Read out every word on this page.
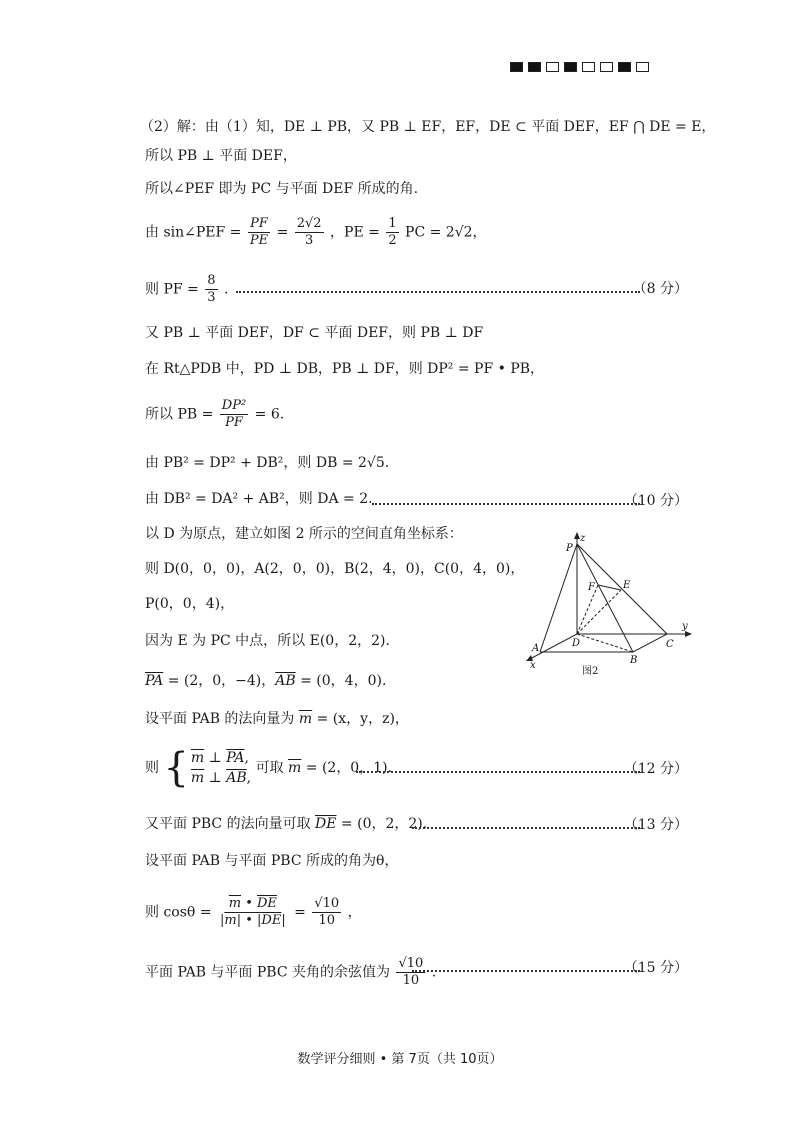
（2）解：由（1）知，DE ⊥ PB，又 PB ⊥ EF，EF，DE ⊂ 平面 DEF，EF ⋂ DE = E，
所以 PB ⊥ 平面 DEF，
所以∠PEF 即为 PC 与平面 DEF 所成的角.
由 sin∠PEF = $\frac{PF}{PE} = \frac{2√2}{3}$ ，PE = $\frac{1}{2}$ PC = 2√2，
则 PF = $\frac{8}{3}$ .	（8 分）
又 PB ⊥ 平面 DEF，DF ⊂ 平面 DEF，则 PB ⊥ DF
在 Rt△PDB 中，PD ⊥ DB，PB ⊥ DF，则 DP² = PF • PB，
所以 PB = $\frac{\text{DP²}}{PF} = 6$.
由 PB² = DP² + DB²，则 DB = 2√5.
由 DB² = DA² + AB²，则 DA = 2.	（10 分）
以 D 为原点，建立如图 2 所示的空间直角坐标系：
则 D(0，0，0)，A(2，0，0)，B(2，4，0)，C(0，4，0)，
P(0，0，4)，
因为 E 为 PC 中点，所以 E(0，2，2).
$\overline{PA} = (2$，0，−4)，$\overline{AB} = (0$，4，0).
设平面 PAB 的法向量为 $\overline{m} = (x$，y，z)，
则 { $\overline{m}$ ⊥ $\overline{PA}$,
$\overline{m}$ ⊥ $\overline{AB}$,
可取 $\overline{m} = (2$，0，1).	（12 分）
又平面 PBC 的法向量可取 $\overline{DE} = (0$，2，2).	（13 分）
设平面 PAB 与平面 PBC 所成的角为θ，
则 $\cos\theta = \frac{\overline{m} • \overline{DE}}{|\overline{m}| • |\overline{DE}|} = \frac{√10}{10}$ ，
平面 PAB 与平面 PBC 夹角的余弦值为 $\frac{√10}{10}$ .	（15 分）
P
z
F	E
D
A
B
C
x
y
图2
数学评分细则 • 第 7页（共 10页）
